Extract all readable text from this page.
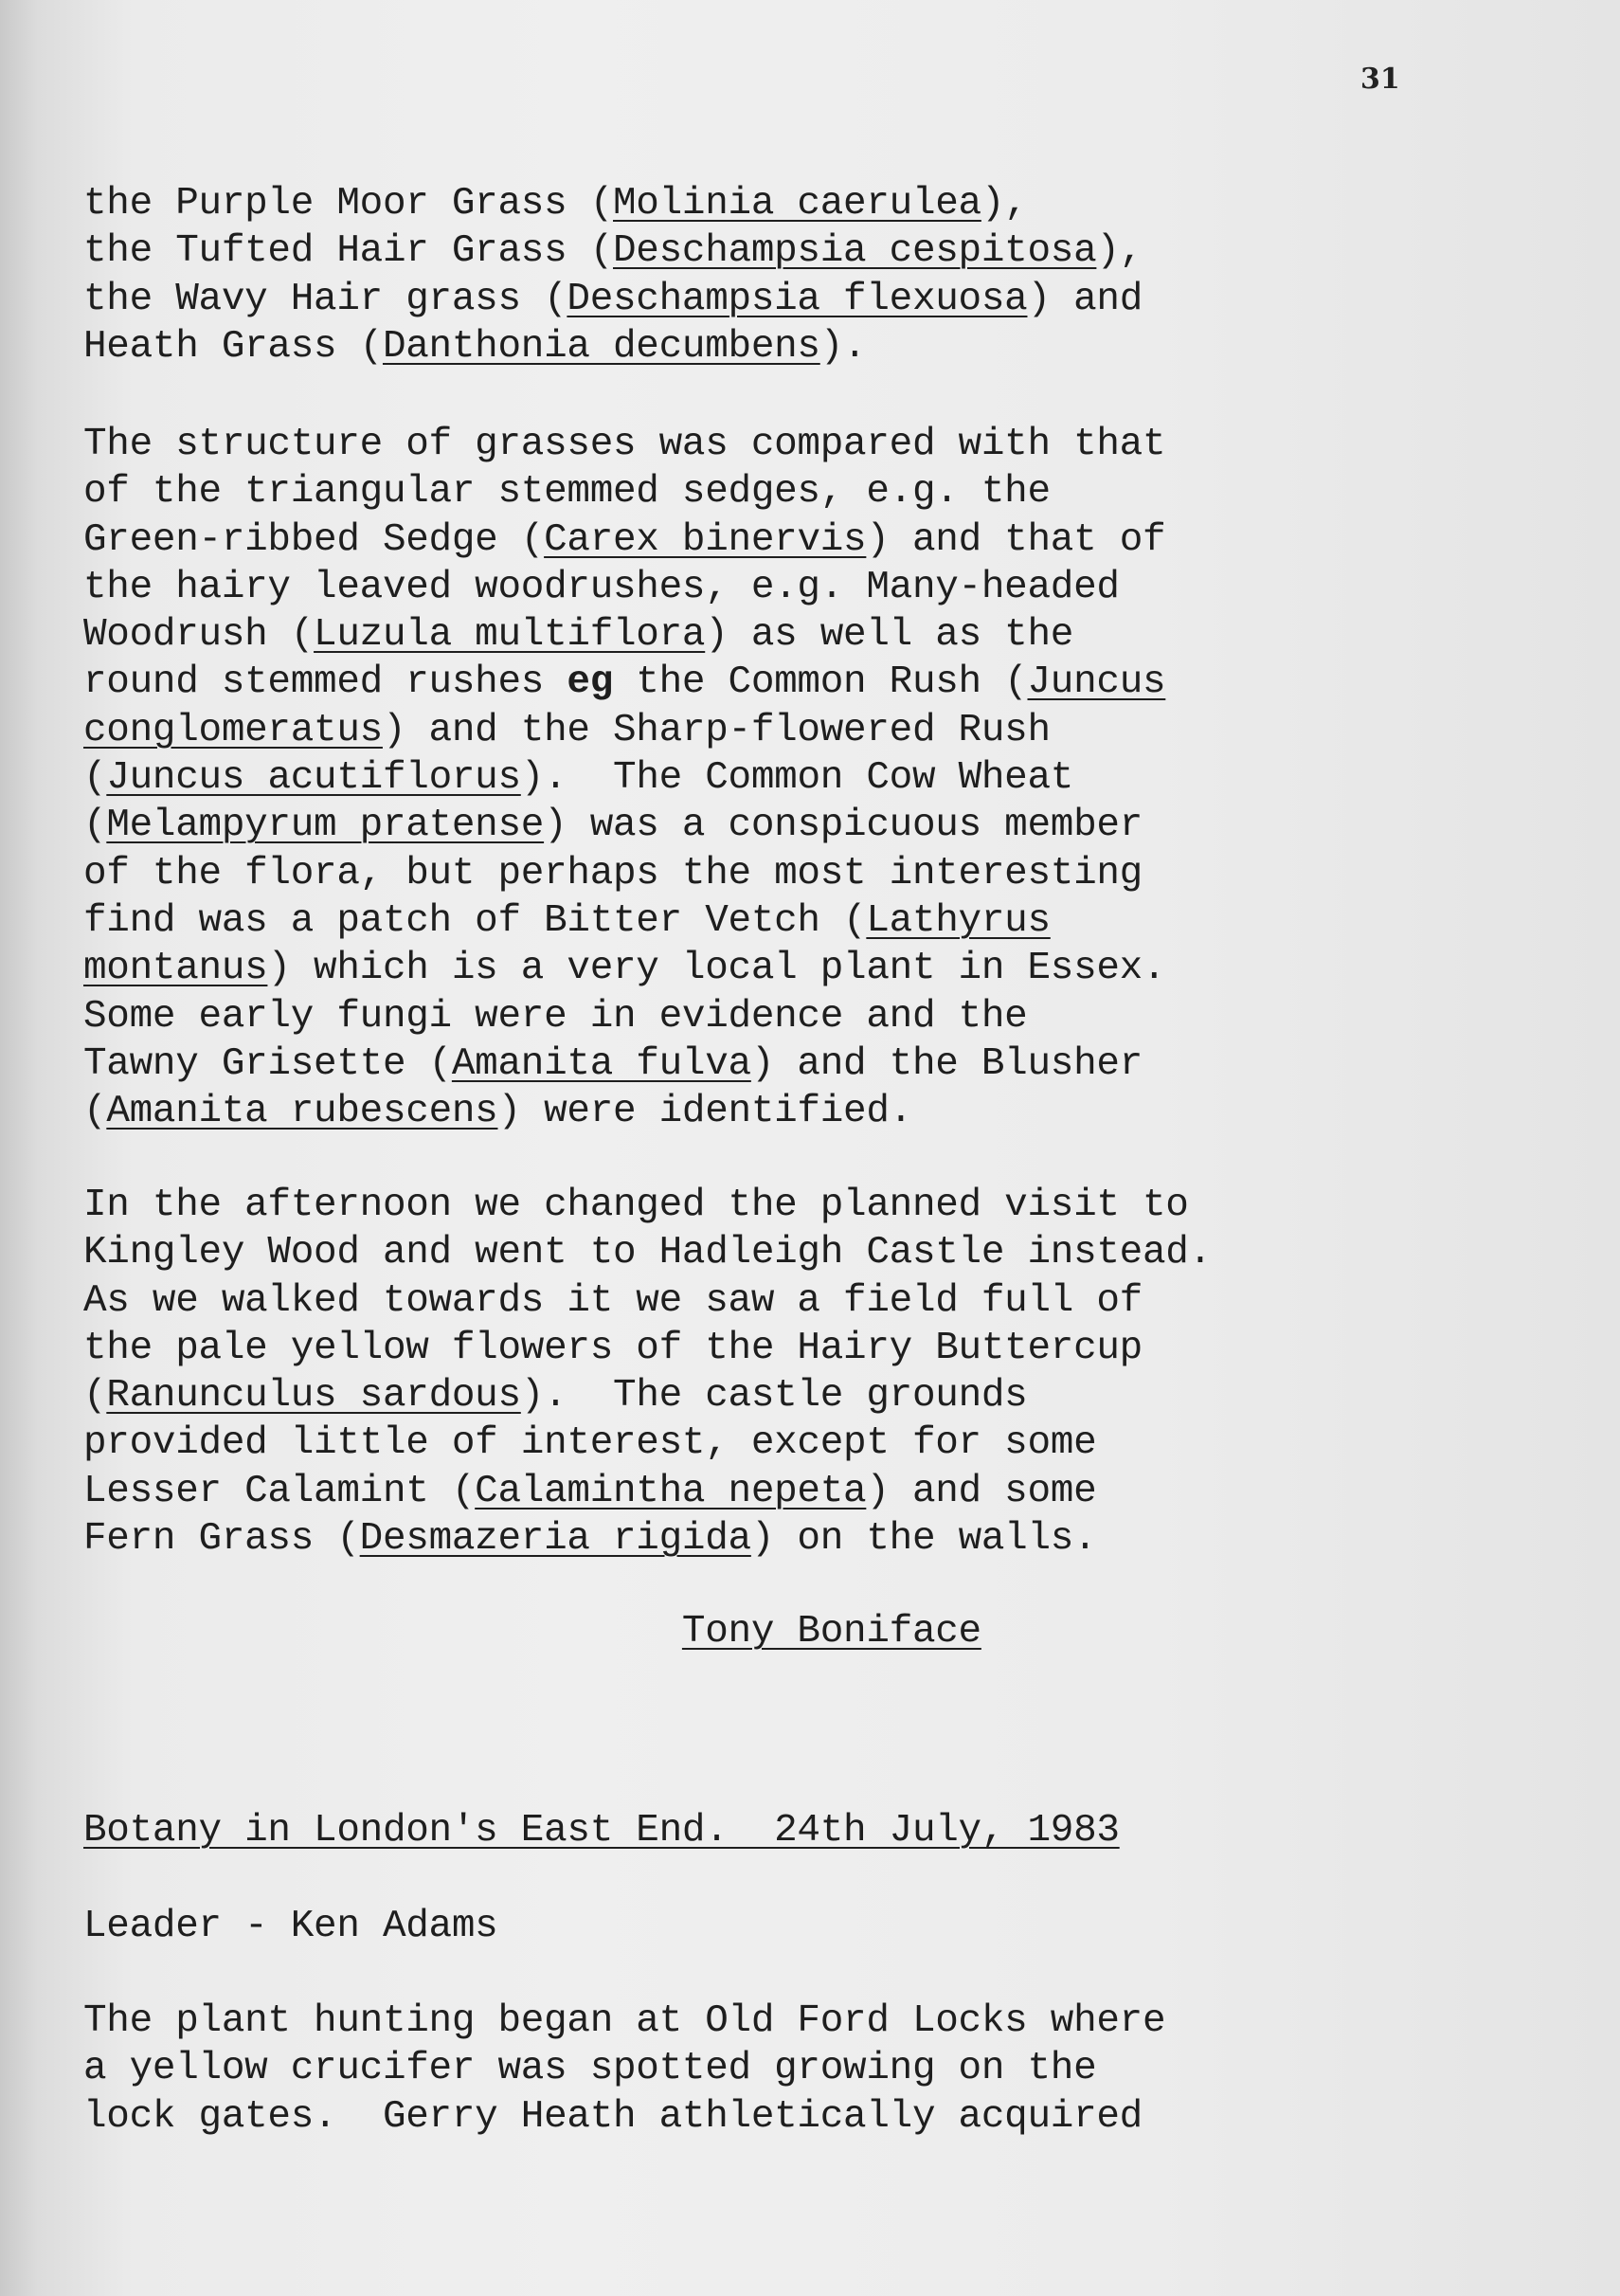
31
the Purple Moor Grass (Molinia caerulea),
the Tufted Hair Grass (Deschampsia cespitosa),
the Wavy Hair grass (Deschampsia flexuosa) and
Heath Grass (Danthonia decumbens).
The structure of grasses was compared with that
of the triangular stemmed sedges, e.g. the
Green-ribbed Sedge (Carex binervis) and that of
the hairy leaved woodrushes, e.g. Many-headed
Woodrush (Luzula multiflora) as well as the
round stemmed rushes eg the Common Rush (Juncus
conglomeratus) and the Sharp-flowered Rush
(Juncus acutiflorus).  The Common Cow Wheat
(Melampyrum pratense) was a conspicuous member
of the flora, but perhaps the most interesting
find was a patch of Bitter Vetch (Lathyrus
montanus) which is a very local plant in Essex.
Some early fungi were in evidence and the
Tawny Grisette (Amanita fulva) and the Blusher
(Amanita rubescens) were identified.
In the afternoon we changed the planned visit to
Kingley Wood and went to Hadleigh Castle instead.
As we walked towards it we saw a field full of
the pale yellow flowers of the Hairy Buttercup
(Ranunculus sardous).  The castle grounds
provided little of interest, except for some
Lesser Calamint (Calamintha nepeta) and some
Fern Grass (Desmazeria rigida) on the walls.
Tony Boniface
Botany in London's East End.  24th July, 1983
Leader - Ken Adams
The plant hunting began at Old Ford Locks where
a yellow crucifer was spotted growing on the
lock gates.  Gerry Heath athletically acquired
